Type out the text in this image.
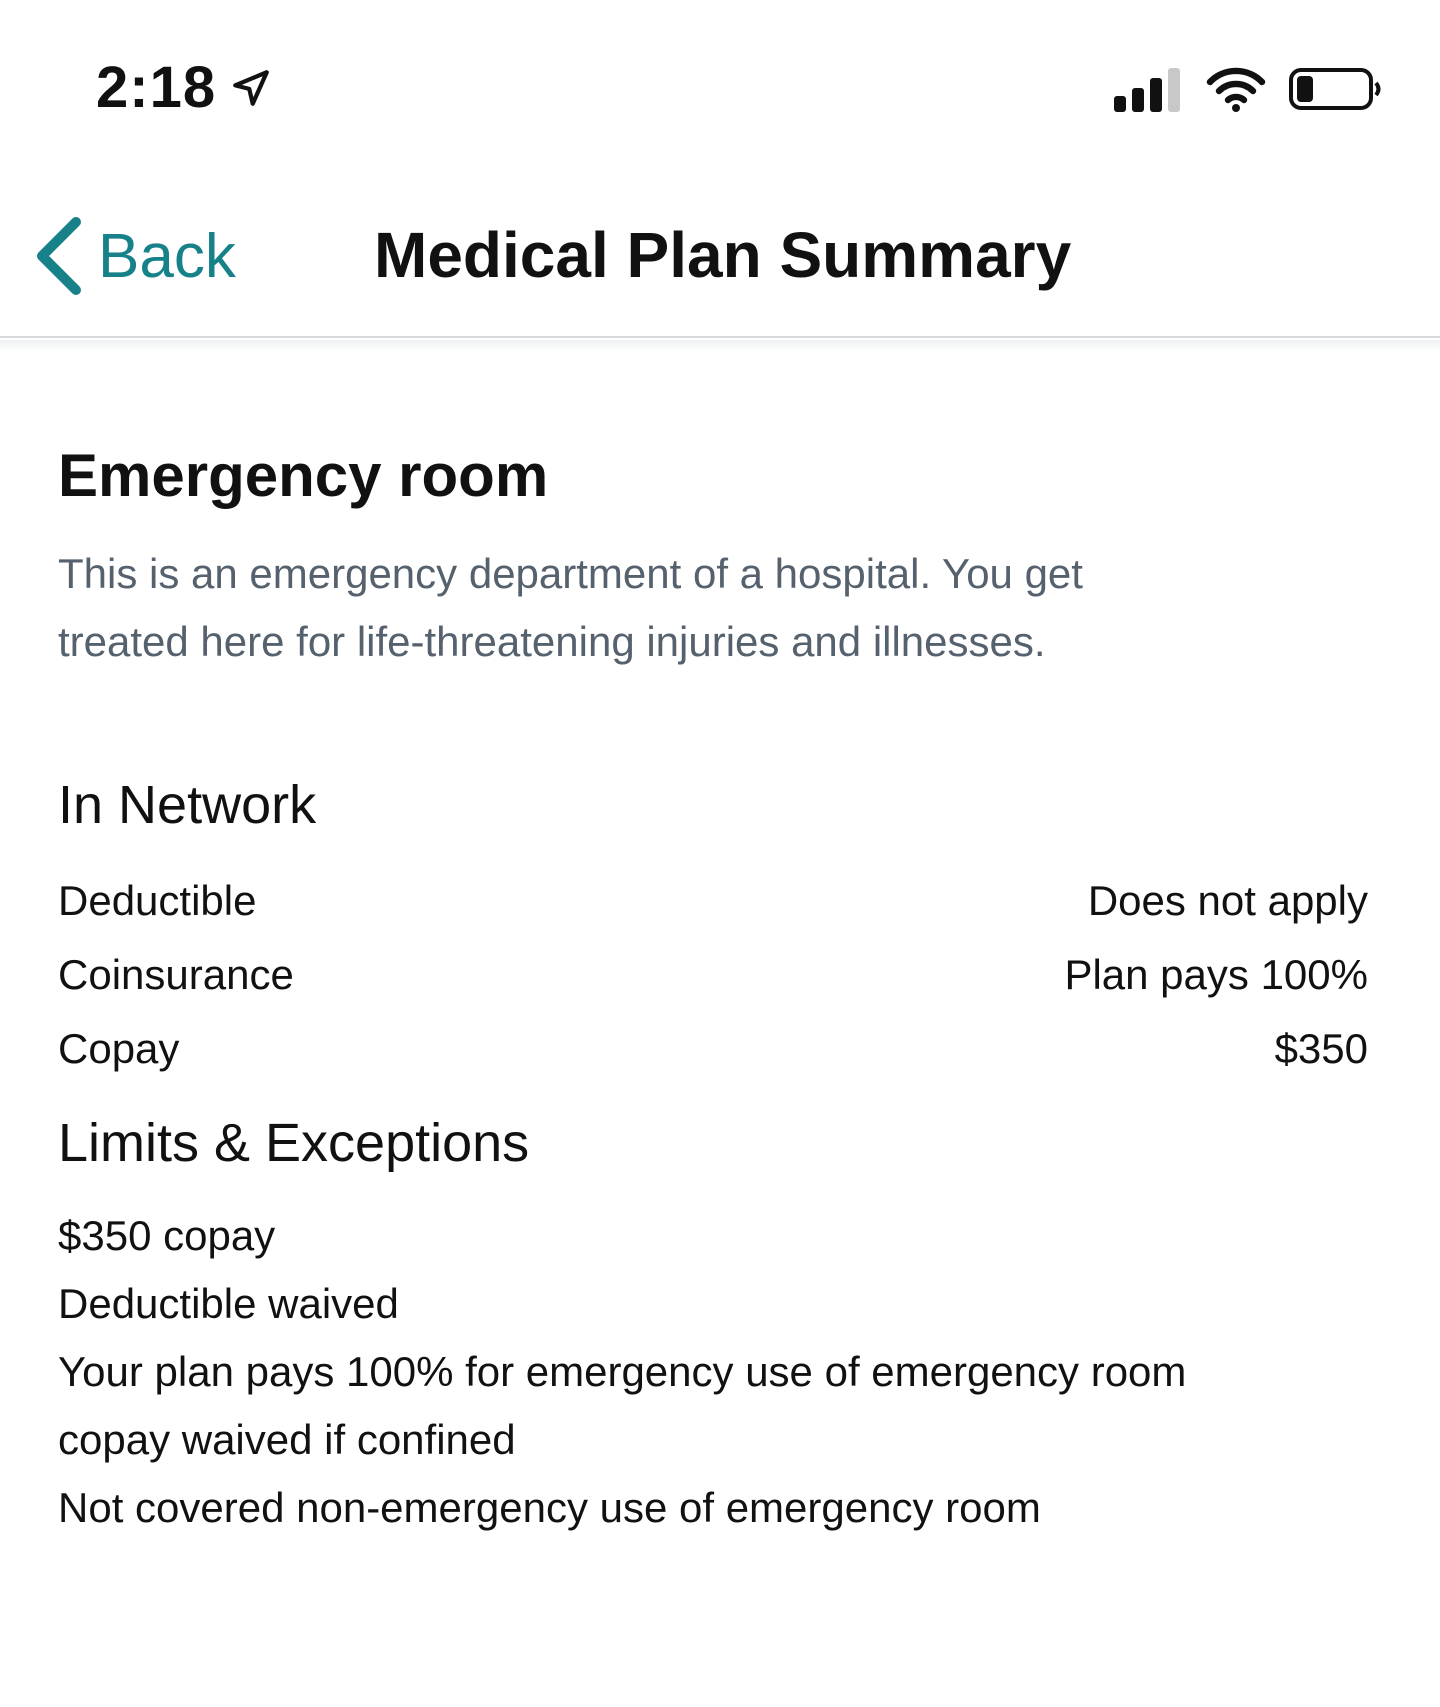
2:18
Back Medical Plan Summary
Emergency room
This is an emergency department of a hospital. You get treated here for life-threatening injuries and illnesses.
In Network
Deductible	Does not apply
Coinsurance	Plan pays 100%
Copay	$350
Limits & Exceptions
$350 copay
Deductible waived
Your plan pays 100% for emergency use of emergency room
copay waived if confined
Not covered non-emergency use of emergency room
